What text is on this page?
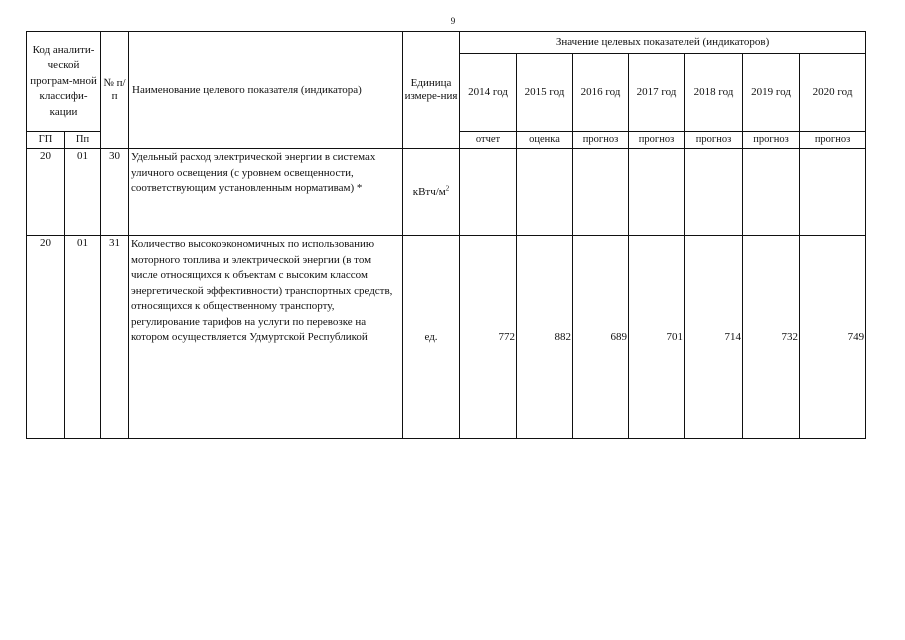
9
Код аналити-ческой програм-мной классифи-кации		№ п/п	Наименование целевого показателя (индикатора)	Единица измере-ния	Значение целевых показателей (индикаторов)						
					2014 год	2015 год	2016 год	2017 год	2018 год	2019 год	2020 год
ГП	Пп				отчет	оценка	прогноз	прогноз	прогноз	прогноз	прогноз
20	01	30	Удельный расход электрической энергии в системах уличного освещения (с уровнем освещенности, соответствующим установленным нормативам) *	кВтч/$м^2$							
20	01	31	Количество высокоэкономичных по использованию моторного топлива и электрической энергии (в том числе относящихся к объектам с высоким классом энергетической эффективности) транспортных средств, относящихся к общественному транспорту, регулирование тарифов на услуги по перевозке на котором осуществляется Удмуртской Республикой	ед.	772	882	689	701	714	732	749
